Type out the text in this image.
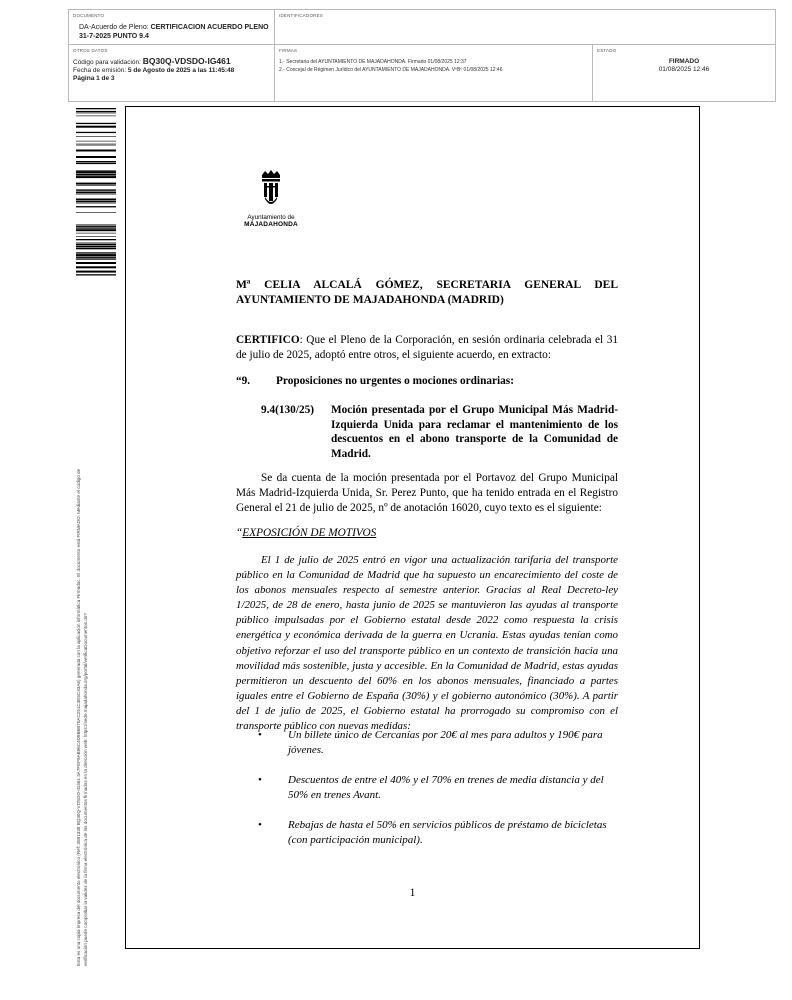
DOCUMENTO
DA-Acuerdo de Pleno: CERTIFICACION ACUERDO PLENO 31-7-2025 PUNTO 9.4
IDENTIFICADORES
OTROS DATOS
Código para validación: BQ30Q-VDSDO-IG461
Fecha de emisión: 5 de Agosto de 2025 a las 11:45:48
Página 1 de 3
FIRMAS
1.- Secretaria del AYUNTAMIENTO DE MAJADAHONDA. Firmado 01/08/2025 12:37
2.- Concejal de Régimen Jurídico del AYUNTAMIENTO DE MAJADAHONDA. VºBº 01/08/2025 12:46
ESTADO
FIRMADO
01/08/2025 12:46
Esta es una copia impresa del documento electrónico (Ref: 3891338 BQ30Q-VDSDO-IG461 3A7FEF9AB96C4D8B6B70AC251C3E5C43A6) generada con la aplicación informática Firmadoc. El documento está FIRMADO. Mediante el código de verificación puede comprobar la validez de la firma electrónica de los documentos firmados en la dirección web: https://sede.majadahonda.org/portal/verificaDocumentos.do?
Ayuntamiento de
MAJADAHONDA
Mª CELIA ALCALÁ GÓMEZ, SECRETARIA GENERAL DEL
AYUNTAMIENTO DE MAJADAHONDA (MADRID)
CERTIFICO: Que el Pleno de la Corporación, en sesión ordinaria celebrada el 31 de julio de 2025, adoptó entre otros, el siguiente acuerdo, en extracto:
“9. Proposiciones no urgentes o mociones ordinarias:
9.4(130/25)	Moción presentada por el Grupo Municipal Más Madrid-Izquierda Unida para reclamar el mantenimiento de los descuentos en el abono transporte de la Comunidad de Madrid.
Se da cuenta de la moción presentada por el Portavoz del Grupo Municipal Más Madrid-Izquierda Unida, Sr. Perez Punto, que ha tenido entrada en el Registro General el 21 de julio de 2025, nº de anotación 16020, cuyo texto es el siguiente:
“EXPOSICIÓN DE MOTIVOS
El 1 de julio de 2025 entró en vigor una actualización tarifaria del transporte público en la Comunidad de Madrid que ha supuesto un encarecimiento del coste de los abonos mensuales respecto al semestre anterior. Gracias al Real Decreto-ley 1/2025, de 28 de enero, hasta junio de 2025 se mantuvieron las ayudas al transporte público impulsadas por el Gobierno estatal desde 2022 como respuesta la crisis energética y económica derivada de la guerra en Ucrania. Estas ayudas tenían como objetivo reforzar el uso del transporte público en un contexto de transición hacia una movilidad más sostenible, justa y accesible. En la Comunidad de Madrid, estas ayudas permitieron un descuento del 60% en los abonos mensuales, financiado a partes iguales entre el Gobierno de España (30%) y el gobierno autonómico (30%). A partir del 1 de julio de 2025, el Gobierno estatal ha prorrogado su compromiso con el transporte público con nuevas medidas:
• Un billete único de Cercanías por 20€ al mes para adultos y 190€ para jóvenes.
• Descuentos de entre el 40% y el 70% en trenes de media distancia y del 50% en trenes Avant.
• Rebajas de hasta el 50% en servicios públicos de préstamo de bicicletas (con participación municipal).
1
